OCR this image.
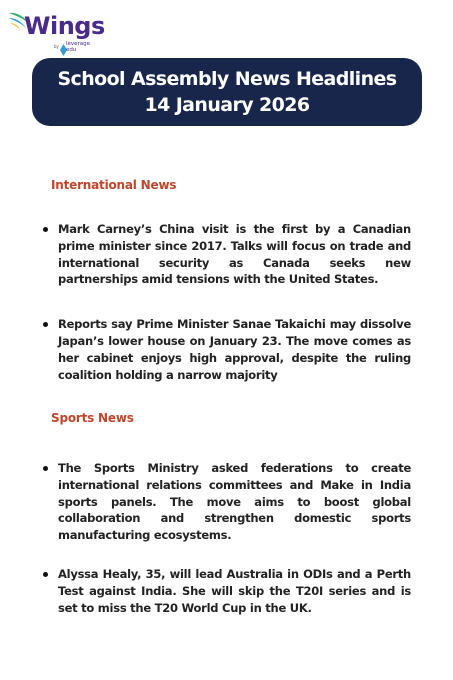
Wings
by leverage edu
School Assembly News Headlines
14 January 2026
International News
Mark Carney’s China visit is the first by a Canadian prime minister since 2017. Talks will focus on trade and international security as Canada seeks new partnerships amid tensions with the United States.
Reports say Prime Minister Sanae Takaichi may dissolve Japan’s lower house on January 23. The move comes as her cabinet enjoys high approval, despite the ruling coalition holding a narrow majority
Sports News
The Sports Ministry asked federations to create international relations committees and Make in India sports panels. The move aims to boost global collaboration and strengthen domestic sports manufacturing ecosystems.
Alyssa Healy, 35, will lead Australia in ODIs and a Perth Test against India. She will skip the T20I series and is set to miss the T20 World Cup in the UK.
